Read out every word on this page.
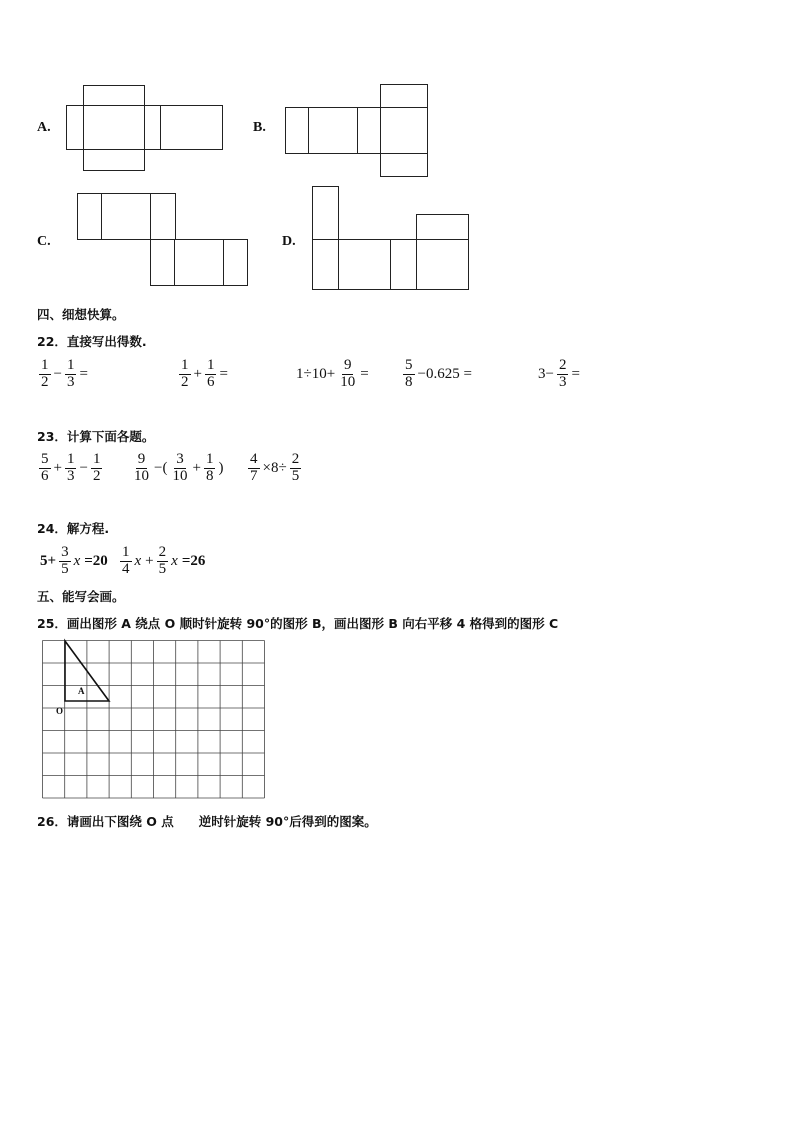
A.	B.
C.	D.
四、细想快算。
22．直接写出得数.
$\frac{1}{2} - \frac{1}{3}$ =	$\frac{1}{2} + \frac{1}{6}$ =	$1\div 10+ \frac{9}{10} = \frac{5}{8} -0.625$ =	$3- \frac{2}{3}$ =
23．计算下面各题。
$\frac{5}{6} + \frac{1}{3} - \frac{1}{2} \frac{9}{10}$ −( $\frac{3}{10} + \frac{1}{8}$ ) $\frac{4}{7} \times 8\div \frac{2}{5}$
24．解方程.
$5+ \frac{3}{5}$ $x =20 \frac{1}{4}$ $x + \frac{2}{5}$ x =26
五、能写会画。
25．画出图形 A 绕点 O 顺时针旋转 90°的图形 B，画出图形 B 向右平移 4 格得到的图形 C
A
O
26．请画出下图绕 O 点　　逆时针旋转 90°后得到的图案。
